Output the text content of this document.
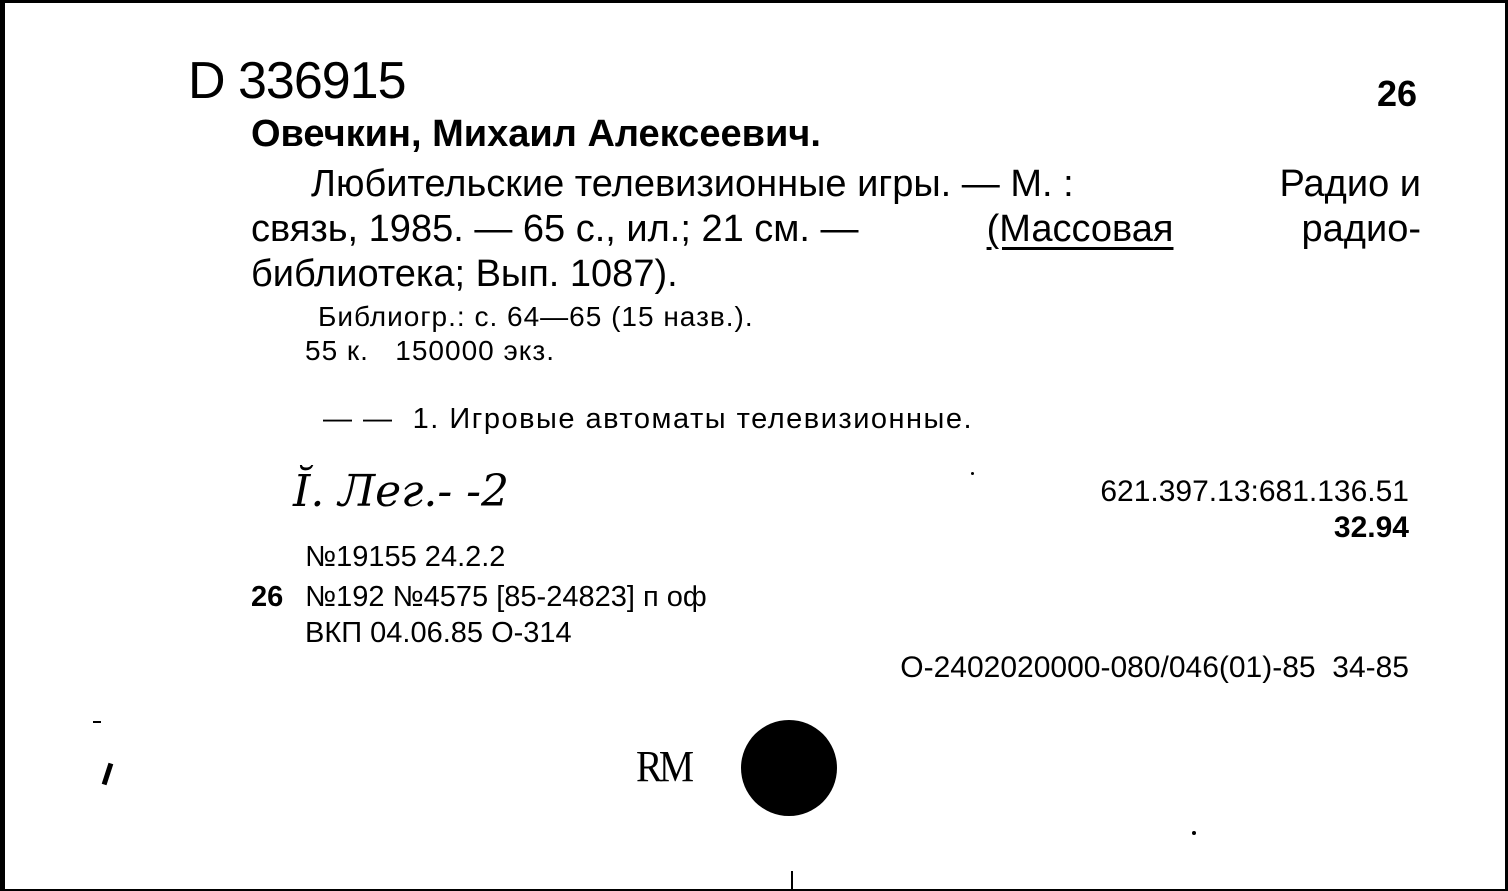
D 336915	26
Овечкин, Михаил Алексеевич.
Любительские телевизионные игры. — М. :	Радио и
связь, 1985. — 65 с., ил.; 21 см. —	(Массовая	радио-
библиотека; Вып. 1087).
Библиогр.: с. 64—65 (15 назв.).
55 к.   150000 экз.
— —  1. Игровые автоматы телевизионные.
Ĭ. Лег.- -2	621.397.13:681.136.51
32.94
№19155 24.2.2
26 №192 №4575 [85-24823] п оф
ВКП 04.06.85 О-314
О-2402020000-080/046(01)-85  34-85
RM
